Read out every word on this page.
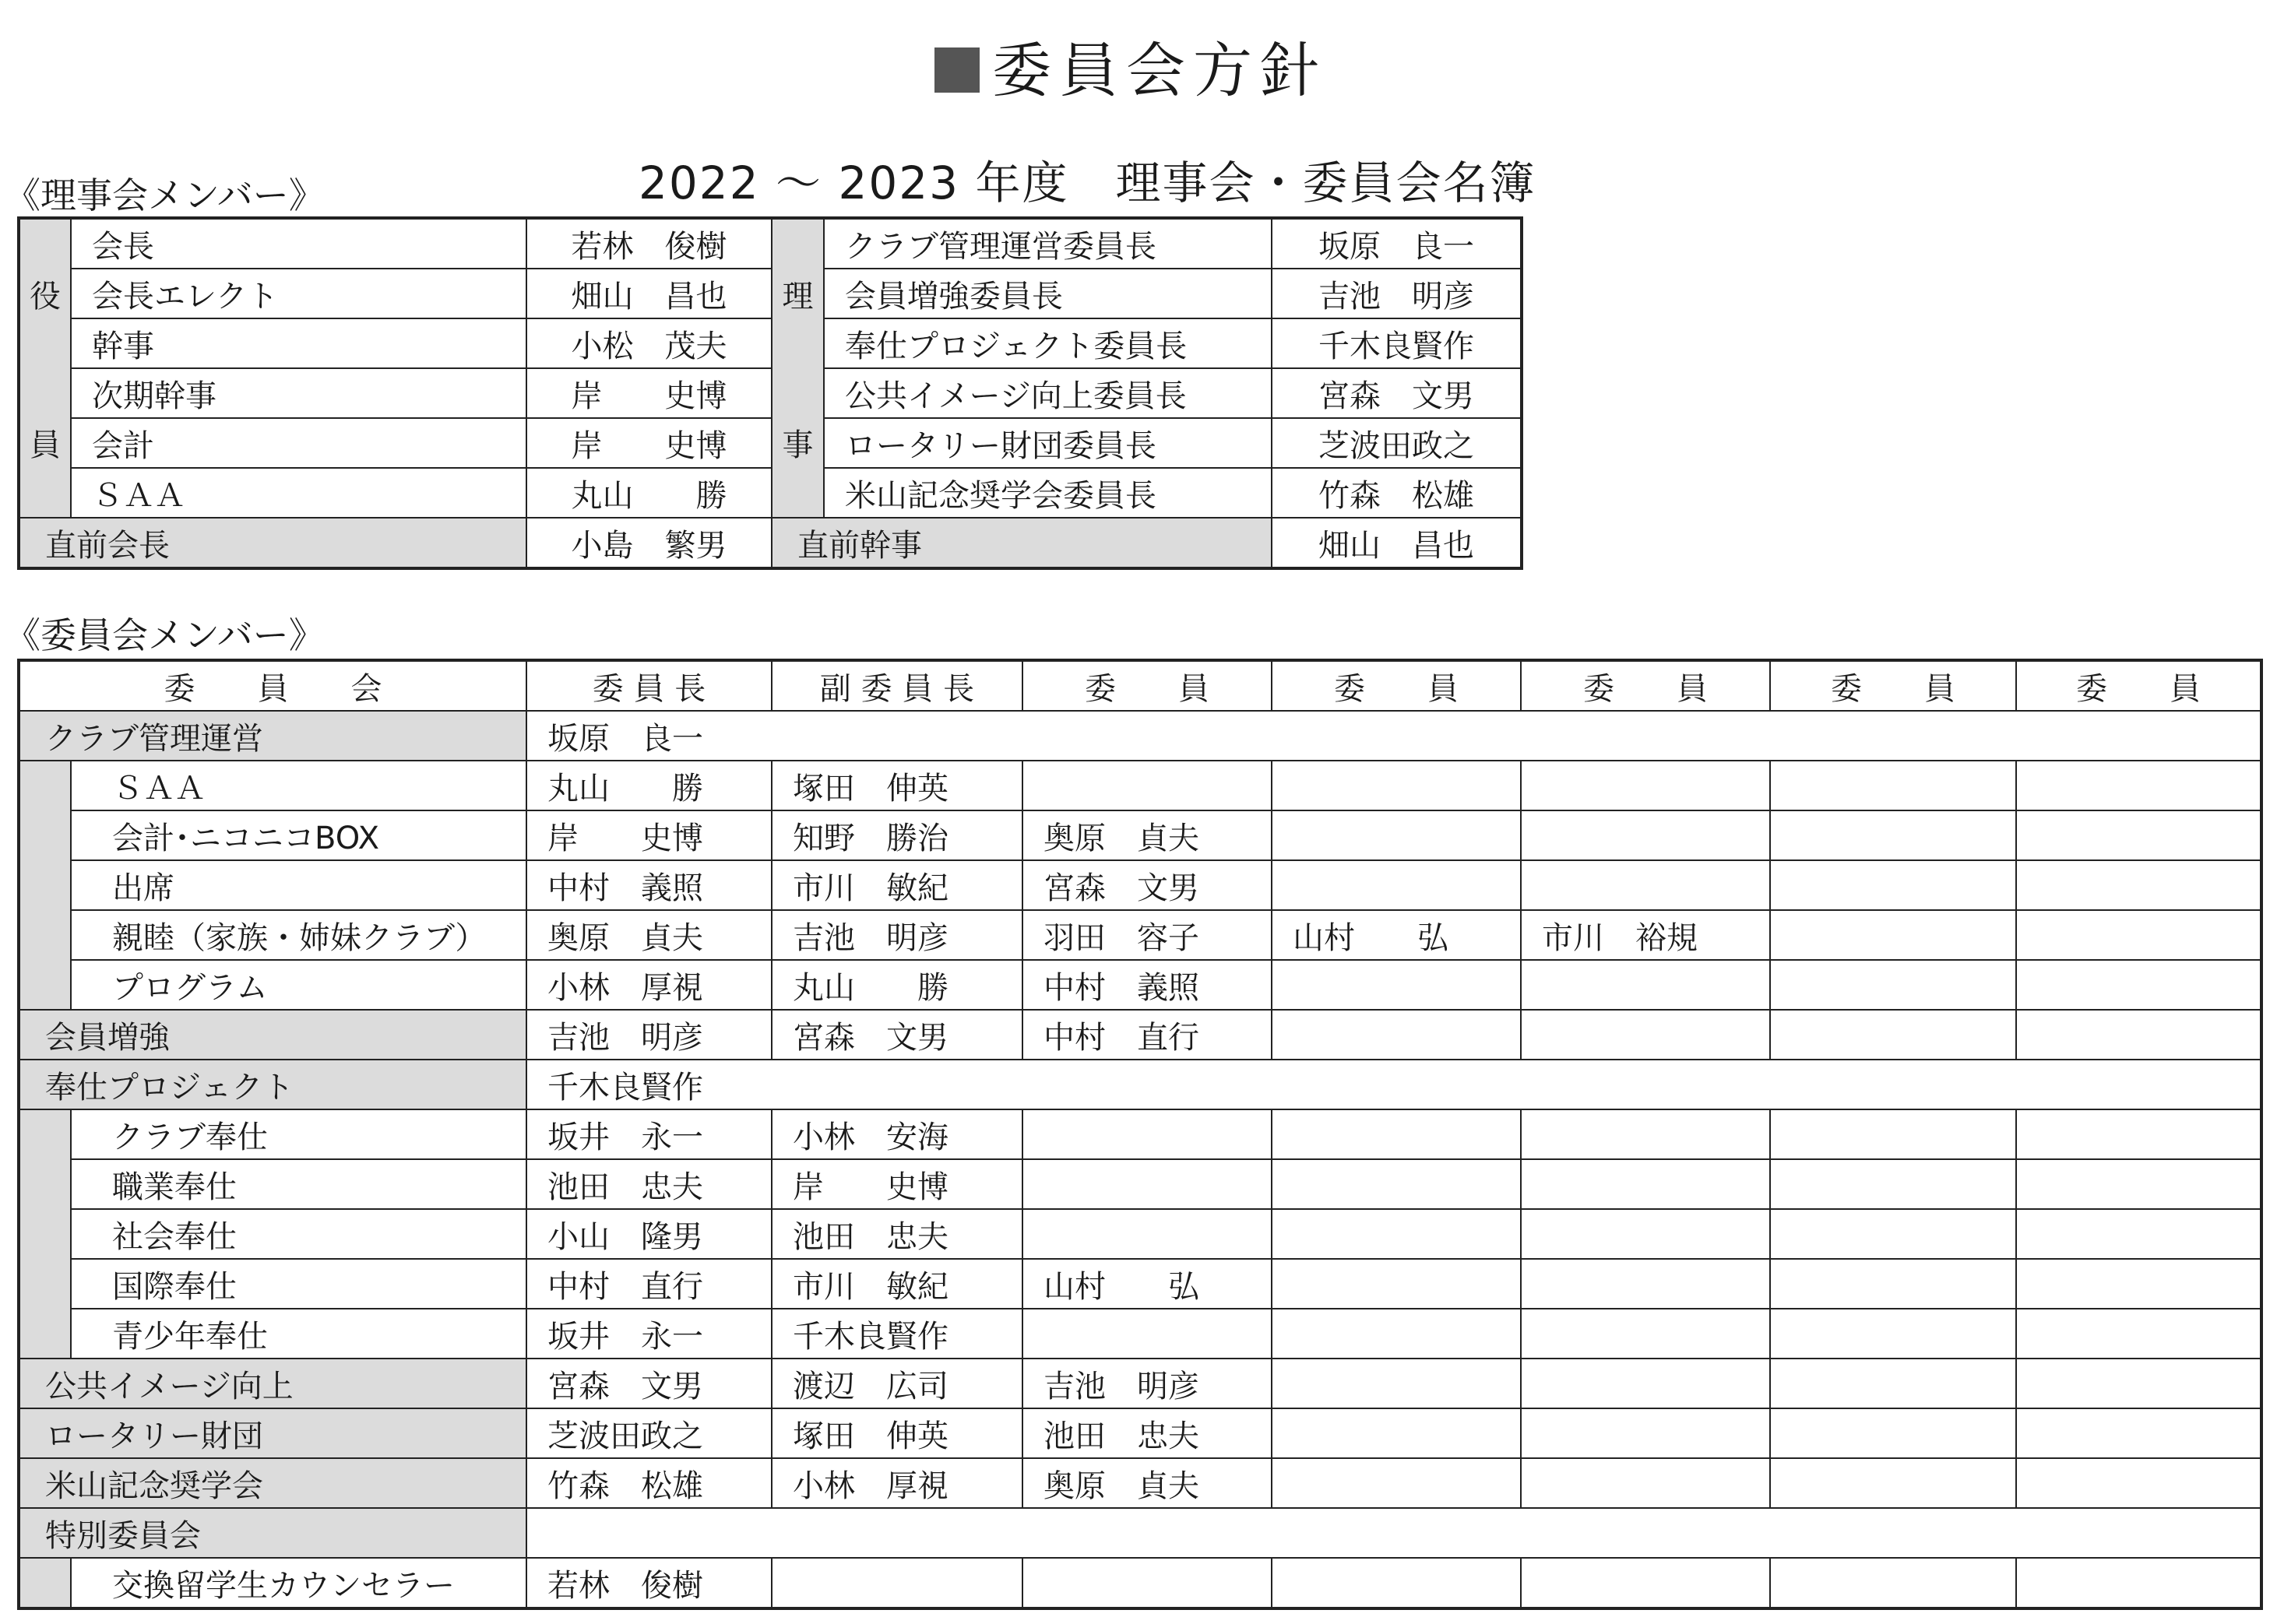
委員会方針
2022 ～ 2023 年度　理事会・委員会名簿
《理事会メンバー》
《委員会メンバー》
役
員
理
事
会長	若林　俊樹	クラブ管理運営委員長	坂原　良一
会長エレクト	畑山　昌也	会員増強委員長	吉池　明彦
幹事	小松　茂夫	奉仕プロジェクト委員長	千木良賢作
次期幹事	岸　　史博	公共イメージ向上委員長	宮森　文男
会計	岸　　史博	ロータリー財団委員長	芝波田政之
ＳＡＡ	丸山　　勝	米山記念奨学会委員長	竹森　松雄
直前会長	小島　繁男	直前幹事	畑山　昌也
委　　員　　会	委 員 長	副 委 員 長	委　　員	委　　員	委　　員	委　　員	委　　員
クラブ管理運営	坂原　良一
ＳＡＡ	丸山　　勝	塚田　伸英
会計･ニコニコBOX	岸　　史博	知野　勝治	奥原　貞夫
出席	中村　義照	市川　敏紀	宮森　文男
親睦（家族・姉妹クラブ）	奥原　貞夫	吉池　明彦	羽田　容子	山村　　弘	市川　裕規
プログラム	小林　厚視	丸山　　勝	中村　義照
会員増強	吉池　明彦	宮森　文男	中村　直行
奉仕プロジェクト	千木良賢作
クラブ奉仕	坂井　永一	小林　安海
職業奉仕	池田　忠夫	岸　　史博
社会奉仕	小山　隆男	池田　忠夫
国際奉仕	中村　直行	市川　敏紀	山村　　弘
青少年奉仕	坂井　永一	千木良賢作
公共イメージ向上	宮森　文男	渡辺　広司	吉池　明彦
ロータリー財団	芝波田政之	塚田　伸英	池田　忠夫
米山記念奨学会	竹森　松雄	小林　厚視	奥原　貞夫
特別委員会
交換留学生カウンセラー	若林　俊樹
